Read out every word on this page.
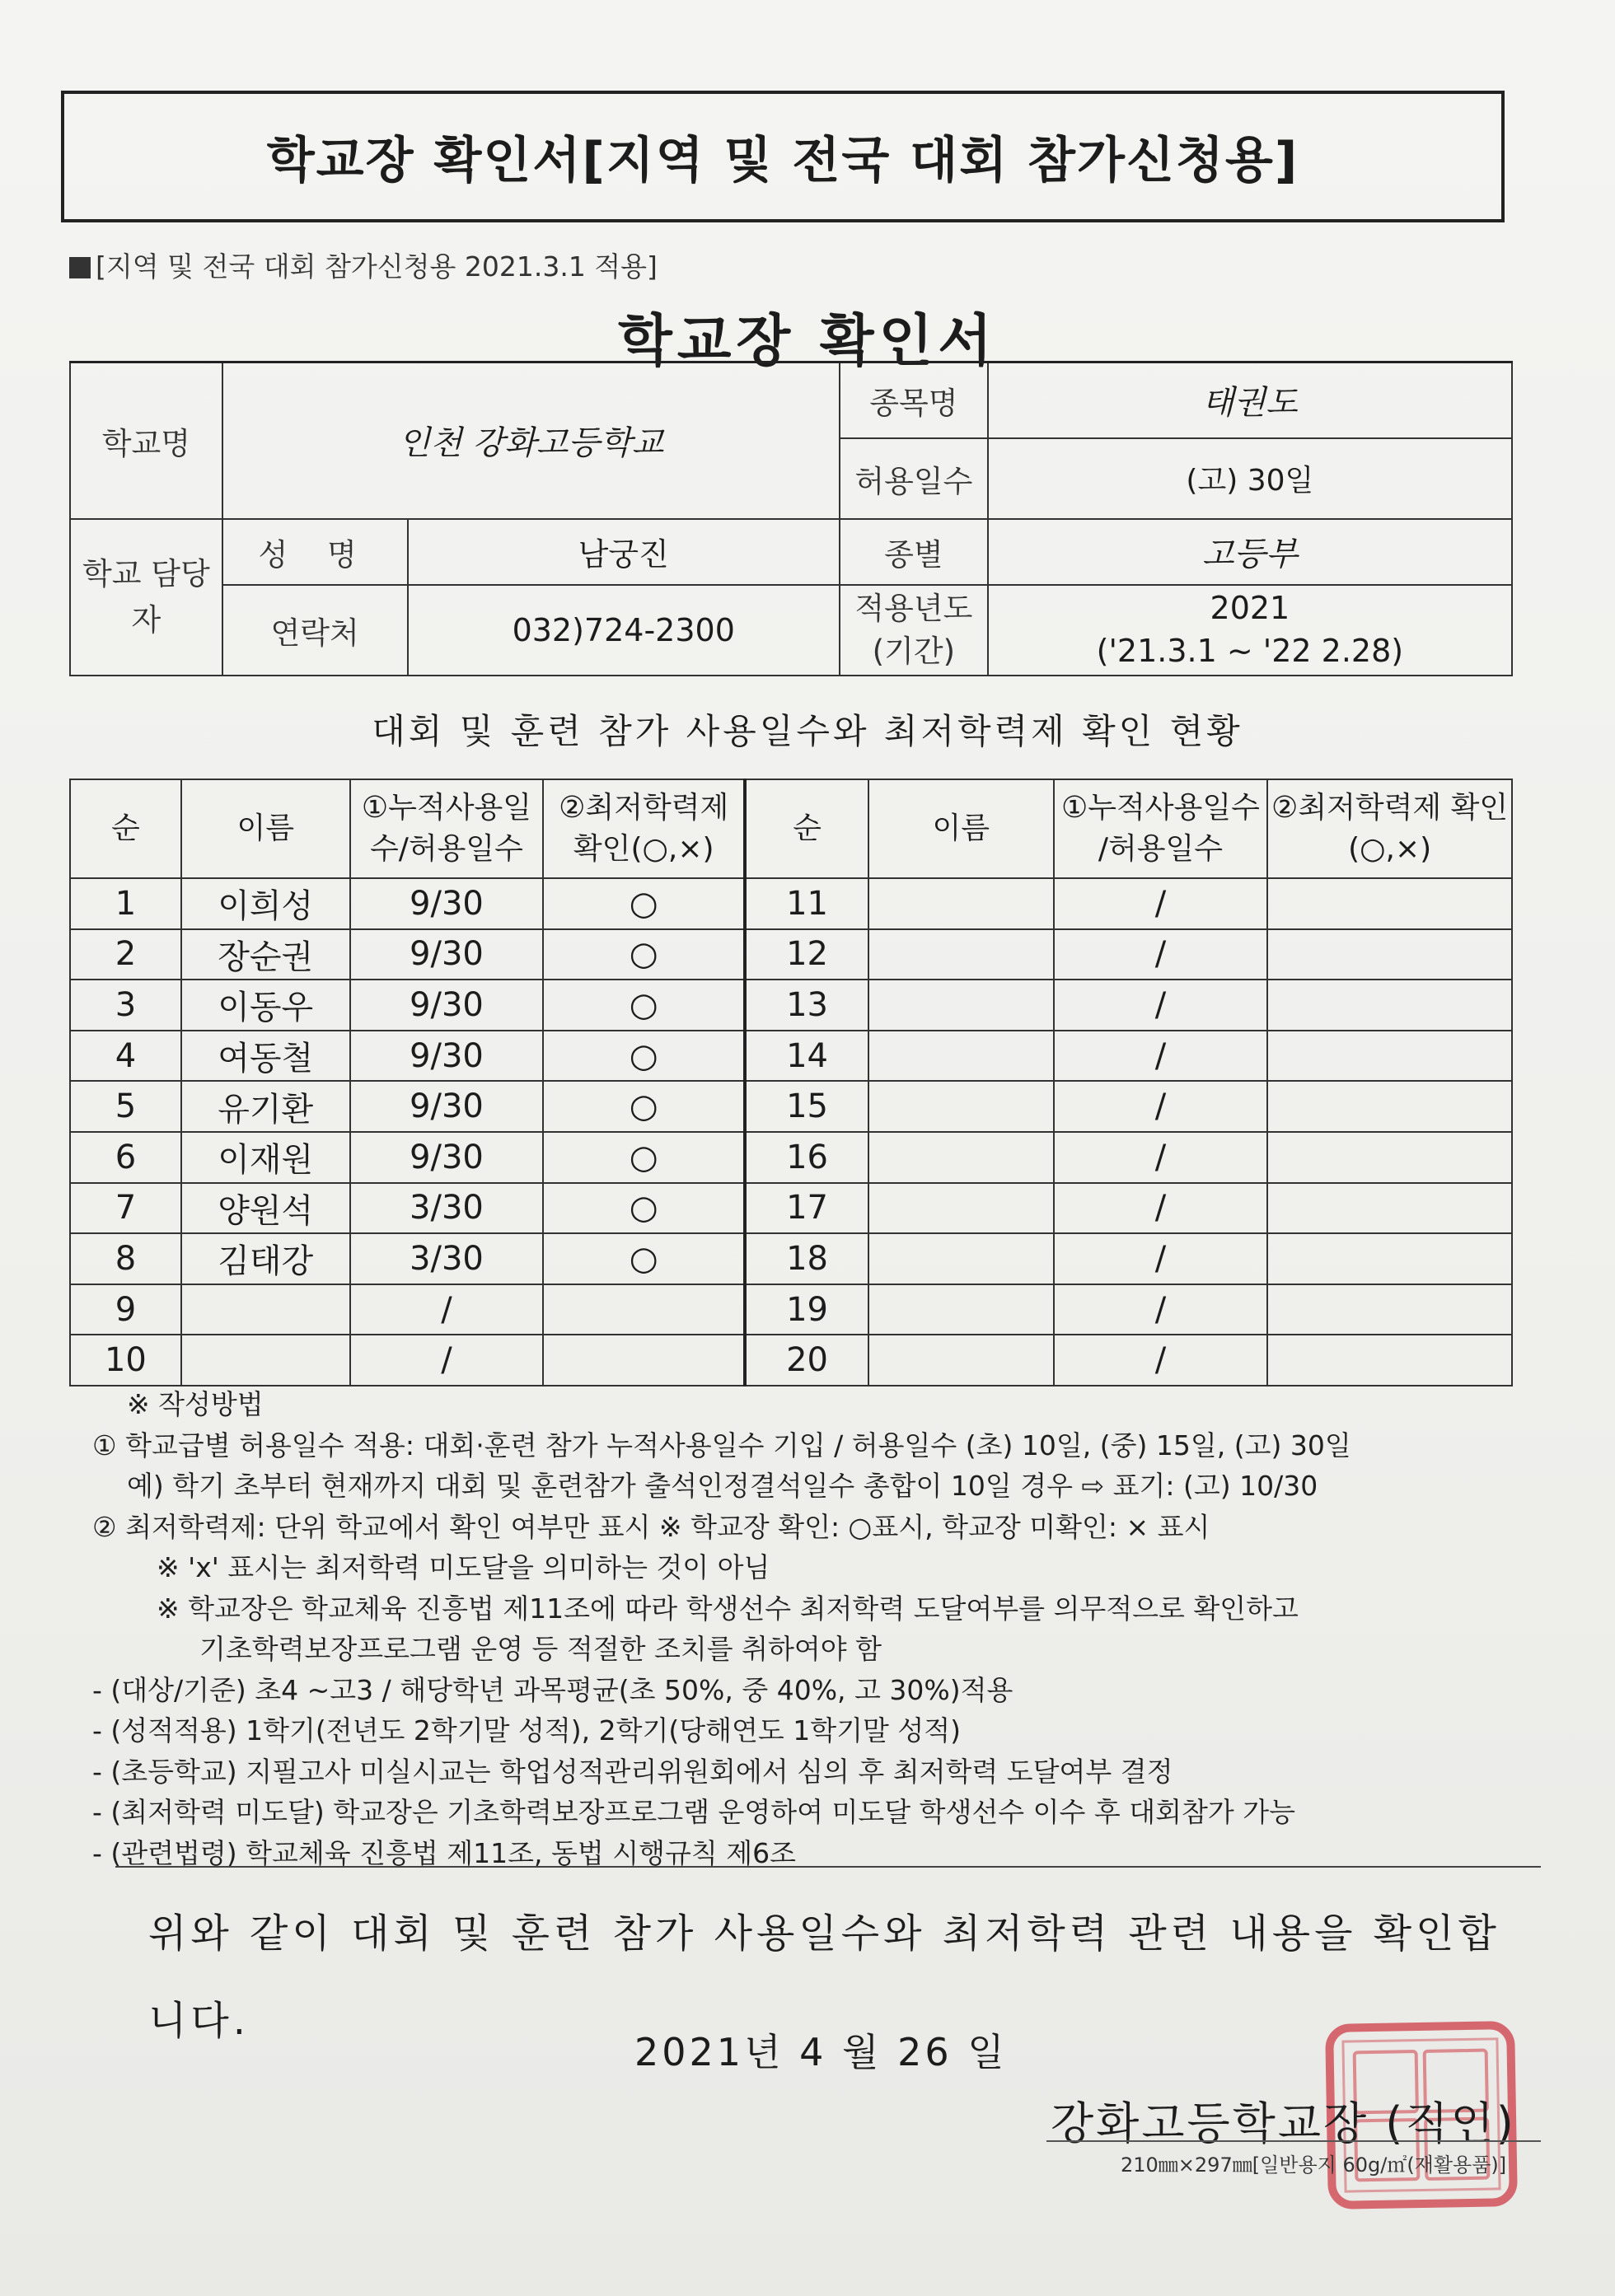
학교장 확인서[지역 및 전국 대회 참가신청용]
[지역 및 전국 대회 참가신청용 2021.3.1 적용]
학교장 확인서
학교명	인천 강화고등학교		종목명	태권도
			허용일수	(고) 30일
학교 담당자	성 명	남궁진	종별	고등부
	연락처	032)724-2300	적용년도 (기간)	2021
('21.3.1 ~ '22 2.28)
대회 및 훈련 참가 사용일수와 최저학력제 확인 현황
순	이름	①누적사용일수/허용일수	②최저학력제 확인(○,×)	순	이름	①누적사용일수 /허용일수	②최저학력제 확인(○,×)
1	이희성	9/30	○	11		/	
2	장순권	9/30	○	12		/	
3	이동우	9/30	○	13		/	
4	여동철	9/30	○	14		/	
5	유기환	9/30	○	15		/	
6	이재원	9/30	○	16		/	
7	양원석	3/30	○	17		/	
8	김태강	3/30	○	18		/	
9		/		19		/	
10		/		20		/	

※ 작성방법

① 학교급별 허용일수 적용: 대회·훈련 참가 누적사용일수 기입 / 허용일수 (초) 10일, (중) 15일, (고) 30일

예) 학기 초부터 현재까지 대회 및 훈련참가 출석인정결석일수 총합이 10일 경우 ⇨ 표기: (고) 10/30

② 최저학력제: 단위 학교에서 확인 여부만 표시 ※ 학교장 확인: ○표시, 학교장 미확인: × 표시

※ 'x' 표시는 최저학력 미도달을 의미하는 것이 아님

※ 학교장은 학교체육 진흥법 제11조에 따라 학생선수 최저학력 도달여부를 의무적으로 확인하고

기초학력보장프로그램 운영 등 적절한 조치를 취하여야 함

- (대상/기준) 초4 ~고3 / 해당학년 과목평균(초 50%, 중 40%, 고 30%)적용

- (성적적용) 1학기(전년도 2학기말 성적), 2학기(당해연도 1학기말 성적)

- (초등학교) 지필고사 미실시교는 학업성적관리위원회에서 심의 후 최저학력 도달여부 결정

- (최저학력 미도달) 학교장은 기초학력보장프로그램 운영하여 미도달 학생선수 이수 후 대회참가 가능

- (관련법령) 학교체육 진흥법 제11조, 동법 시행규칙 제6조

위와 같이 대회 및 훈련 참가 사용일수와 최저학력 관련 내용을 확인합니다.
2021년 4 월 26 일
강화고등학교장 (직인)
210㎜×297㎜[일반용지 60g/㎡(재활용품)]
